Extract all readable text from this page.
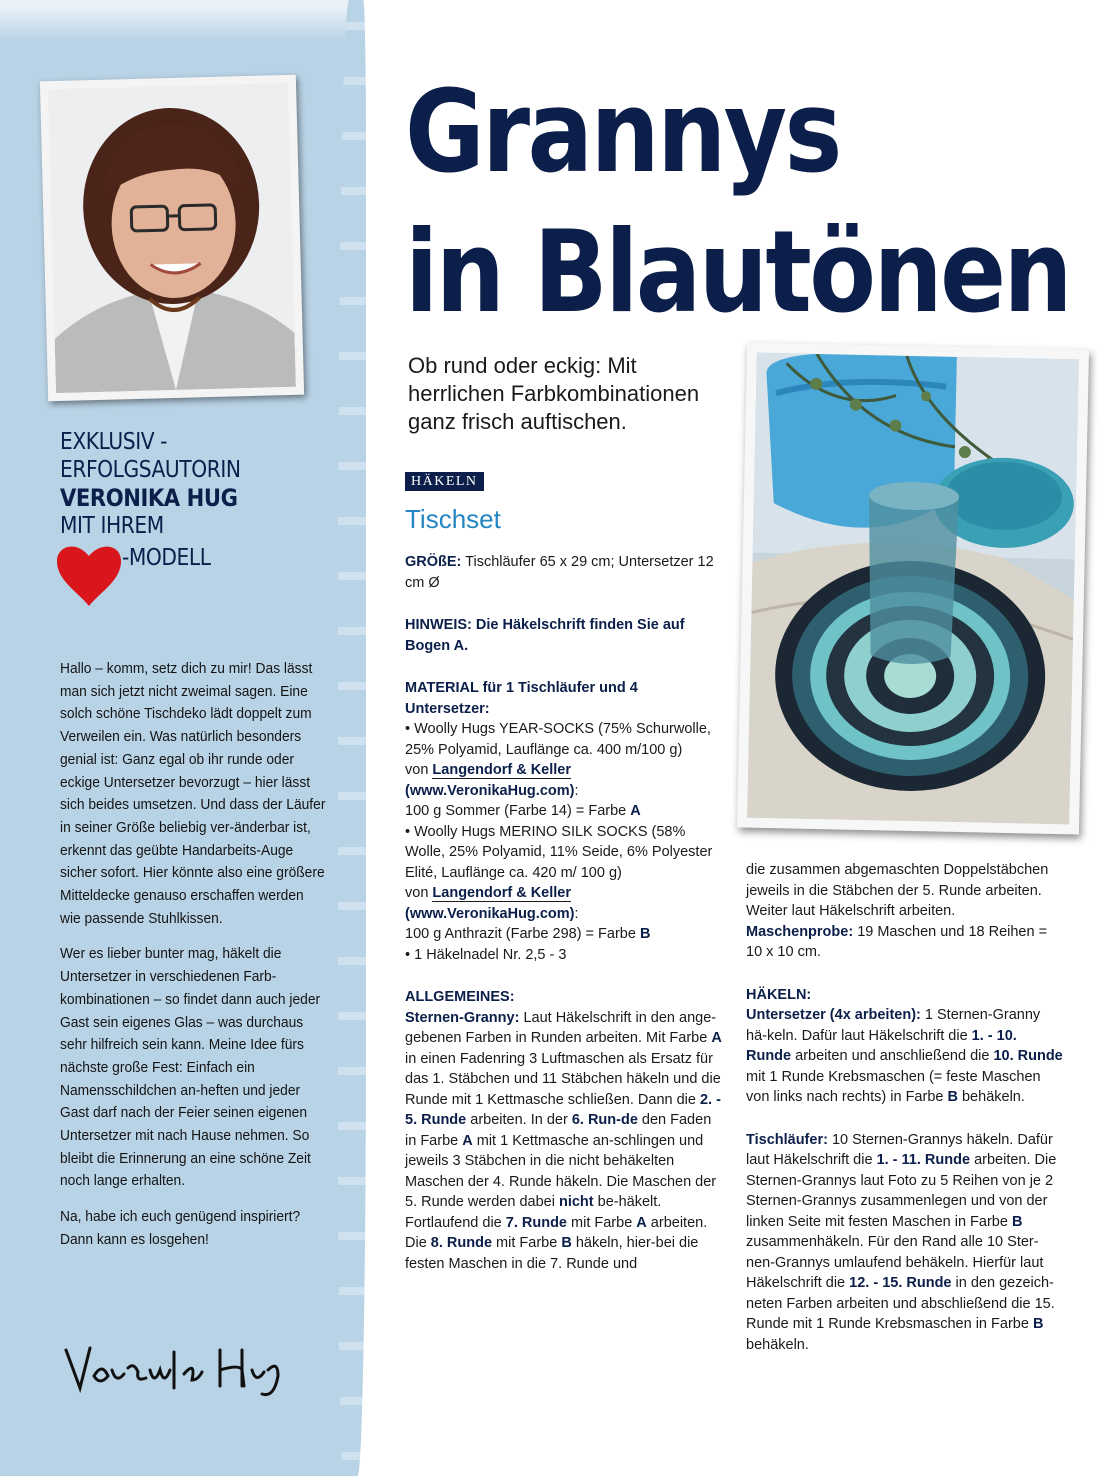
EXKLUSIV -
ERFOLGSAUTORIN
VERONIKA HUG
MIT IHREM
-MODELL

Hallo – komm, setz dich zu mir! Das lässt man sich jetzt nicht zweimal sagen. Eine solch schöne Tischdeko lädt doppelt zum Verweilen ein. Was natürlich besonders genial ist: Ganz egal ob ihr runde oder eckige Untersetzer bevorzugt – hier lässt sich beides umsetzen. Und dass der Läufer in seiner Größe beliebig ver-änderbar ist, erkennt das geübte Handarbeits-Auge sicher sofort. Hier könnte also eine größere Mitteldecke genauso erschaffen werden wie passende Stuhlkissen.

Wer es lieber bunter mag, häkelt die Untersetzer in verschiedenen Farb-kombinationen – so findet dann auch jeder Gast sein eigenes Glas – was durchaus sehr hilfreich sein kann. Meine Idee fürs nächste große Fest: Einfach ein Namensschildchen an-heften und jeder Gast darf nach der Feier seinen eigenen Untersetzer mit nach Hause nehmen. So bleibt die Erinnerung an eine schöne Zeit noch lange erhalten.

Na, habe ich euch genügend inspiriert? Dann kann es losgehen!

Grannys
in Blautönen
Ob rund oder eckig: Mit herrlichen Farbkombinationen ganz frisch auftischen.
HÄKELN
Tischset

GRÖßE: Tischläufer 65 x 29 cm; Untersetzer 12 cm Ø

HINWEIS: Die Häkelschrift finden Sie auf Bogen A.

MATERIAL für 1 Tischläufer und 4 Untersetzer:

• Woolly Hugs YEAR-SOCKS (75% Schurwolle, 25% Polyamid, Lauflänge ca. 400 m/100 g)

von Langendorf & Keller

(www.VeronikaHug.com):

100 g Sommer (Farbe 14) = Farbe A

• Woolly Hugs MERINO SILK SOCKS (58% Wolle, 25% Polyamid, 11% Seide, 6% Polyester Elité, Lauflänge ca. 420 m/ 100 g)

von Langendorf & Keller

(www.VeronikaHug.com):

100 g Anthrazit (Farbe 298) = Farbe B

• 1 Häkelnadel Nr. 2,5 - 3

ALLGEMEINES:

Sternen-Granny: Laut Häkelschrift in den ange-gebenen Farben in Runden arbeiten. Mit Farbe A in einen Fadenring 3 Luftmaschen als Ersatz für das 1. Stäbchen und 11 Stäbchen häkeln und die Runde mit 1 Kettmasche schließen. Dann die 2. - 5. Runde arbeiten. In der 6. Run-de den Faden in Farbe A mit 1 Kettmasche an-schlingen und jeweils 3 Stäbchen in die nicht behäkelten Maschen der 4. Runde häkeln. Die Maschen der 5. Runde werden dabei nicht be-häkelt. Fortlaufend die 7. Runde mit Farbe A arbeiten. Die 8. Runde mit Farbe B häkeln, hier-bei die festen Maschen in die 7. Runde und

die zusammen abgemaschten Doppelstäbchen jeweils in die Stäbchen der 5. Runde arbeiten. Weiter laut Häkelschrift arbeiten.

Maschenprobe: 19 Maschen und 18 Reihen = 10 x 10 cm.

HÄKELN:

Untersetzer (4x arbeiten): 1 Sternen-Granny hä-keln. Dafür laut Häkelschrift die 1. - 10. Runde arbeiten und anschließend die 10. Runde mit 1 Runde Krebsmaschen (= feste Maschen von links nach rechts) in Farbe B behäkeln.

Tischläufer: 10 Sternen-Grannys häkeln. Dafür laut Häkelschrift die 1. - 11. Runde arbeiten. Die Sternen-Grannys laut Foto zu 5 Reihen von je 2 Sternen-Grannys zusammenlegen und von der linken Seite mit festen Maschen in Farbe B zusammenhäkeln. Für den Rand alle 10 Ster-nen-Grannys umlaufend behäkeln. Hierfür laut Häkelschrift die 12. - 15. Runde in den gezeich-neten Farben arbeiten und abschließend die 15. Runde mit 1 Runde Krebsmaschen in Farbe B behäkeln.
